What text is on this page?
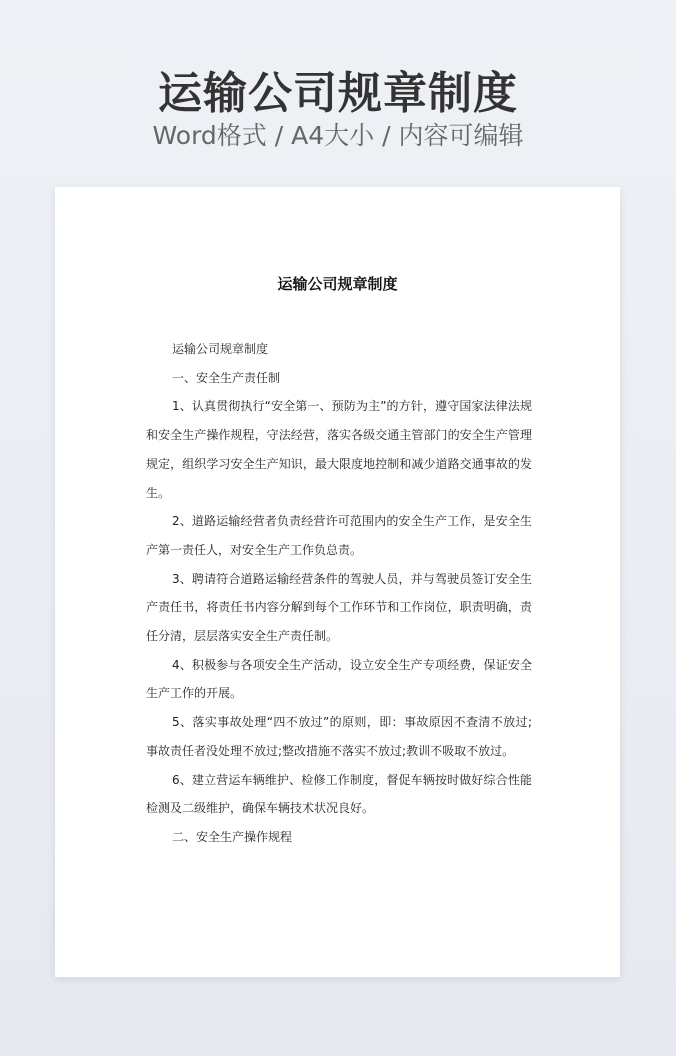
运输公司规章制度
Word格式 / A4大小 / 内容可编辑
运输公司规章制度

运输公司规章制度

一、安全生产责任制

1、认真贯彻执行“安全第一、预防为主”的方针，遵守国家法律法规和安全生产操作规程，守法经营，落实各级交通主管部门的安全生产管理规定，组织学习安全生产知识，最大限度地控制和减少道路交通事故的发生。

2、道路运输经营者负责经营许可范围内的安全生产工作，是安全生产第一责任人，对安全生产工作负总责。

3、聘请符合道路运输经营条件的驾驶人员，并与驾驶员签订安全生产责任书，将责任书内容分解到每个工作环节和工作岗位，职责明确，责任分清，层层落实安全生产责任制。

4、积极参与各项安全生产活动，设立安全生产专项经费，保证安全生产工作的开展。

5、落实事故处理“四不放过”的原则，即：事故原因不查清不放过;事故责任者没处理不放过;整改措施不落实不放过;教训不吸取不放过。

6、建立营运车辆维护、检修工作制度，督促车辆按时做好综合性能检测及二级维护，确保车辆技术状况良好。

二、安全生产操作规程
